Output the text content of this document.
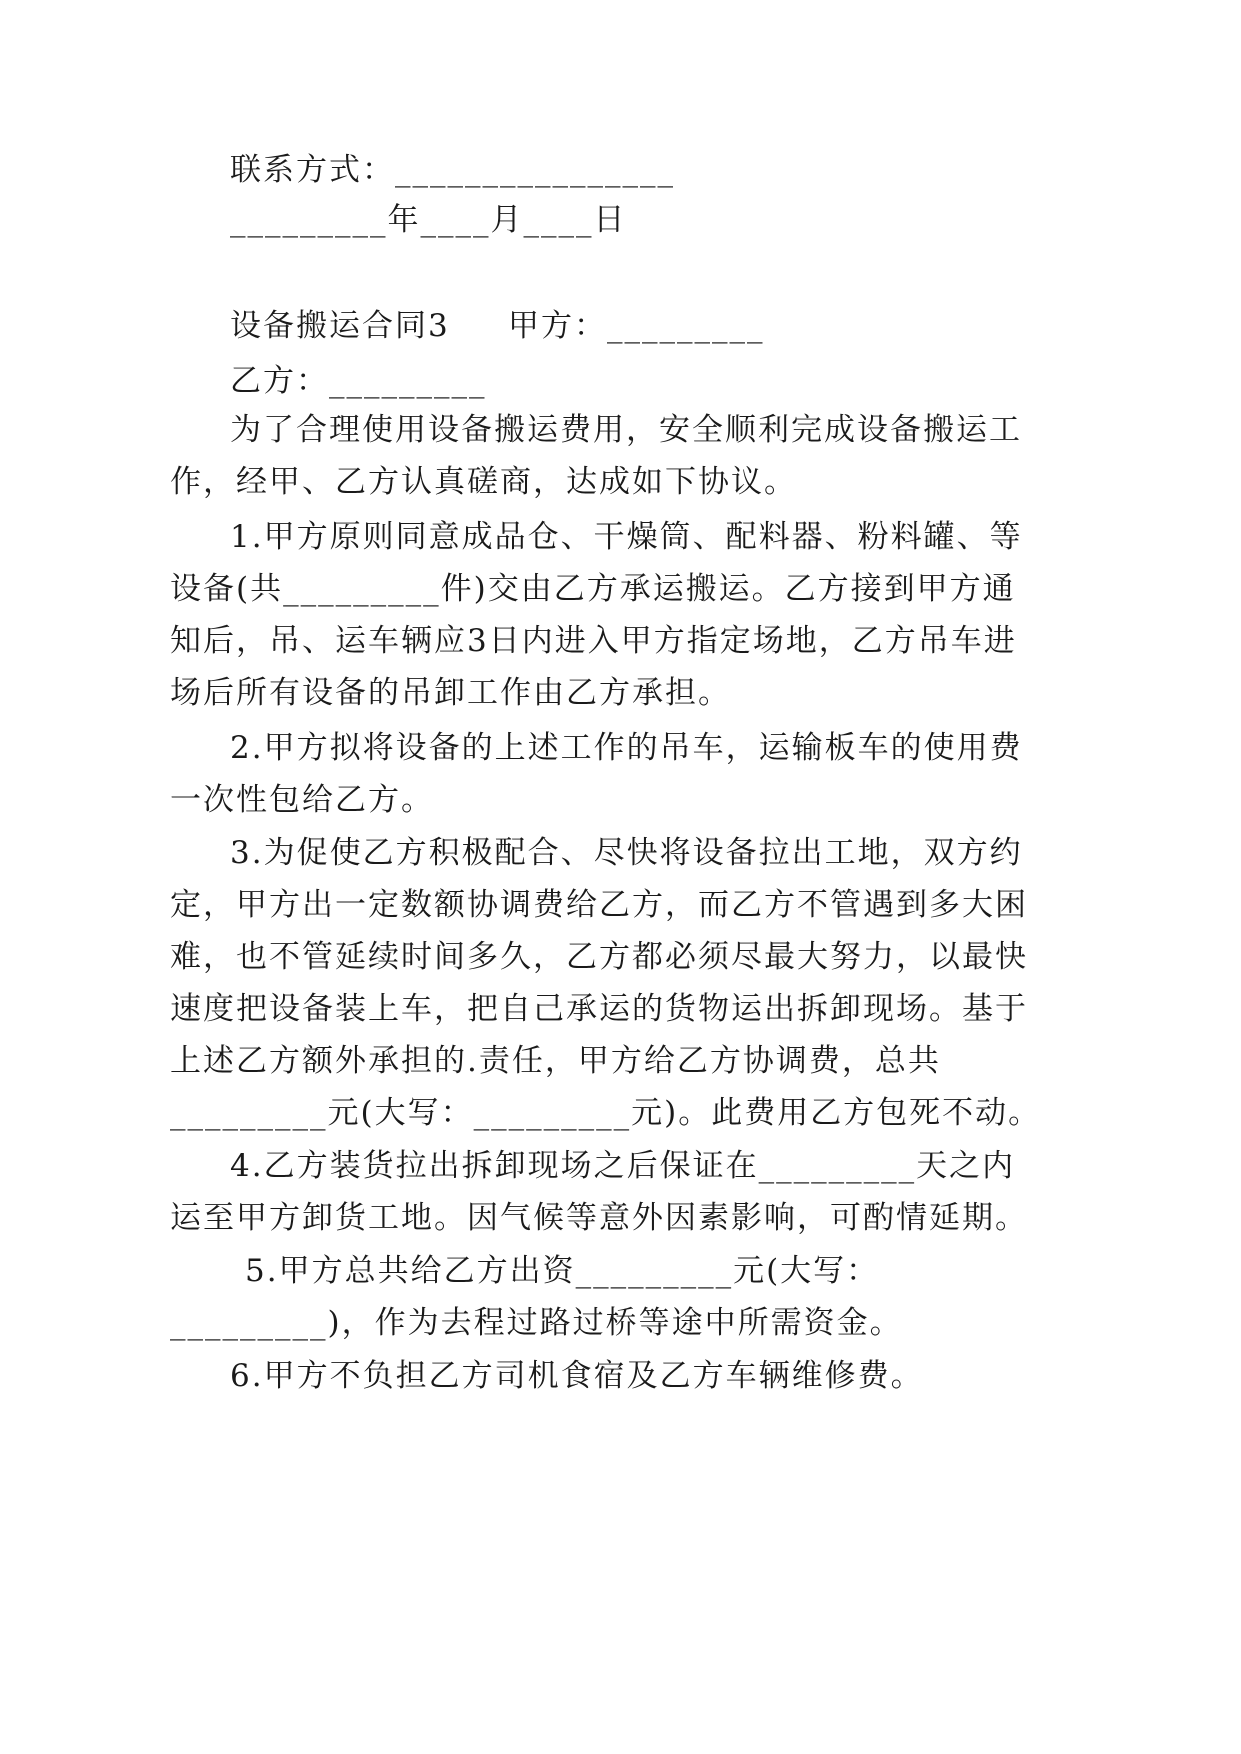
联系方式：________________
_________年____月____日
设备搬运合同3 甲方：_________
乙方：_________
为了合理使用设备搬运费用，安全顺利完成设备搬运工
作，经甲、乙方认真磋商，达成如下协议。
1.甲方原则同意成品仓、干燥筒、配料器、粉料罐、等
设备(共_________件)交由乙方承运搬运。乙方接到甲方通
知后，吊、运车辆应3日内进入甲方指定场地，乙方吊车进
场后所有设备的吊卸工作由乙方承担。
2.甲方拟将设备的上述工作的吊车，运输板车的使用费
一次性包给乙方。
3.为促使乙方积极配合、尽快将设备拉出工地，双方约
定，甲方出一定数额协调费给乙方，而乙方不管遇到多大困
难，也不管延续时间多久，乙方都必须尽最大努力，以最快
速度把设备装上车，把自己承运的货物运出拆卸现场。基于
上述乙方额外承担的.责任，甲方给乙方协调费，总共
_________元(大写：_________元)。此费用乙方包死不动。
4.乙方装货拉出拆卸现场之后保证在_________天之内
运至甲方卸货工地。因气候等意外因素影响，可酌情延期。
5.甲方总共给乙方出资_________元(大写：
_________)，作为去程过路过桥等途中所需资金。
6.甲方不负担乙方司机食宿及乙方车辆维修费。
